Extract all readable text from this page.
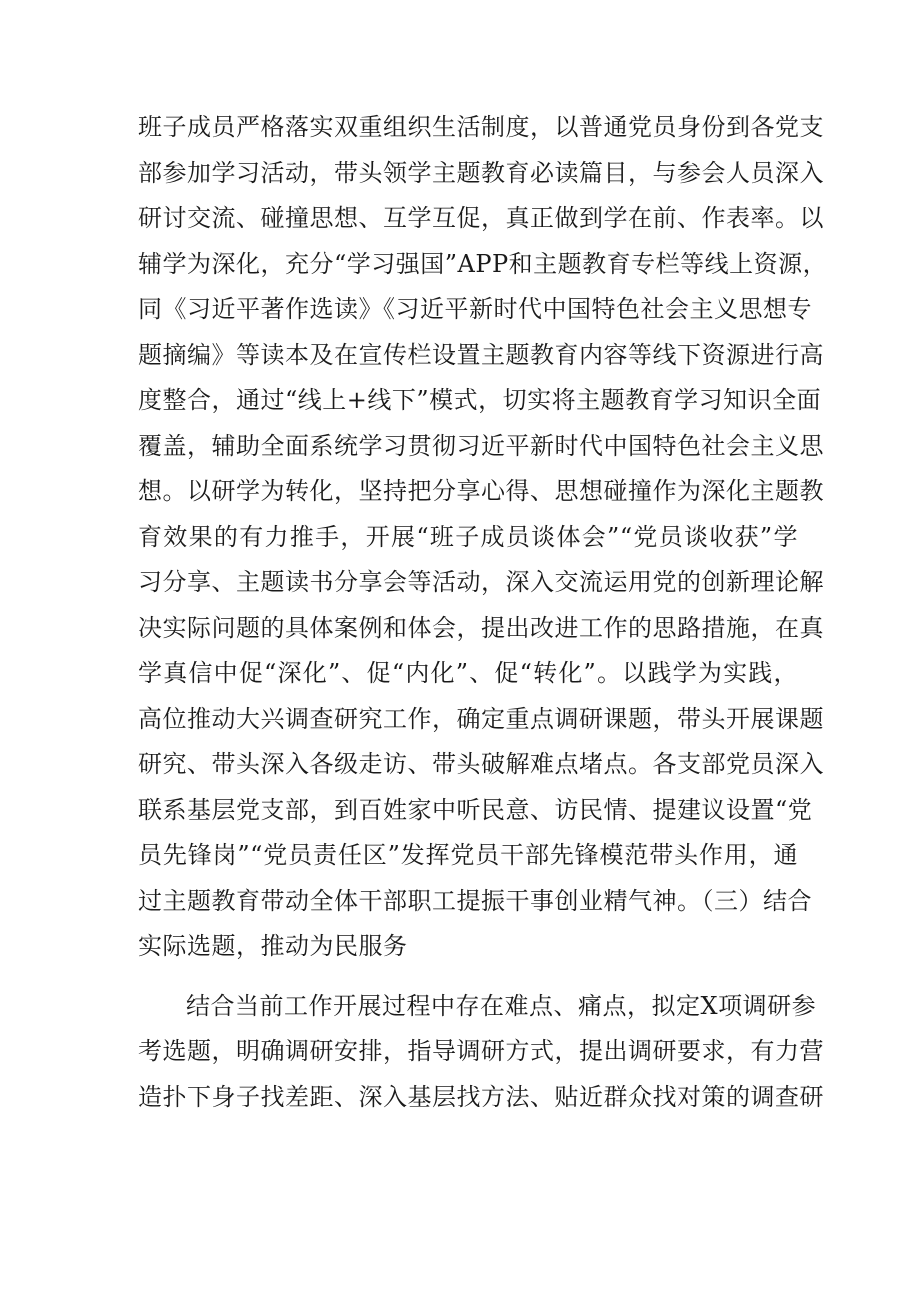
班子成员严格落实双重组织生活制度，以普通党员身份到各党支
部参加学习活动，带头领学主题教育必读篇目，与参会人员深入
研讨交流、碰撞思想、互学互促，真正做到学在前、作表率。以
辅学为深化，充分“学习强国”APP和主题教育专栏等线上资源，
同《习近平著作选读》《习近平新时代中国特色社会主义思想专
题摘编》等读本及在宣传栏设置主题教育内容等线下资源进行高
度整合，通过“线上+线下”模式，切实将主题教育学习知识全面
覆盖，辅助全面系统学习贯彻习近平新时代中国特色社会主义思
想。以研学为转化，坚持把分享心得、思想碰撞作为深化主题教
育效果的有力推手，开展“班子成员谈体会”“党员谈收获”学
习分享、主题读书分享会等活动，深入交流运用党的创新理论解
决实际问题的具体案例和体会，提出改进工作的思路措施，在真
学真信中促“深化”、促“内化”、促“转化”。以践学为实践，
高位推动大兴调查研究工作，确定重点调研课题，带头开展课题
研究、带头深入各级走访、带头破解难点堵点。各支部党员深入
联系基层党支部，到百姓家中听民意、访民情、提建议设置“党
员先锋岗”“党员责任区”发挥党员干部先锋模范带头作用，通
过主题教育带动全体干部职工提振干事创业精气神。（三）结合
实际选题，推动为民服务
结合当前工作开展过程中存在难点、痛点，拟定X项调研参
考选题，明确调研安排，指导调研方式，提出调研要求，有力营
造扑下身子找差距、深入基层找方法、贴近群众找对策的调查研
